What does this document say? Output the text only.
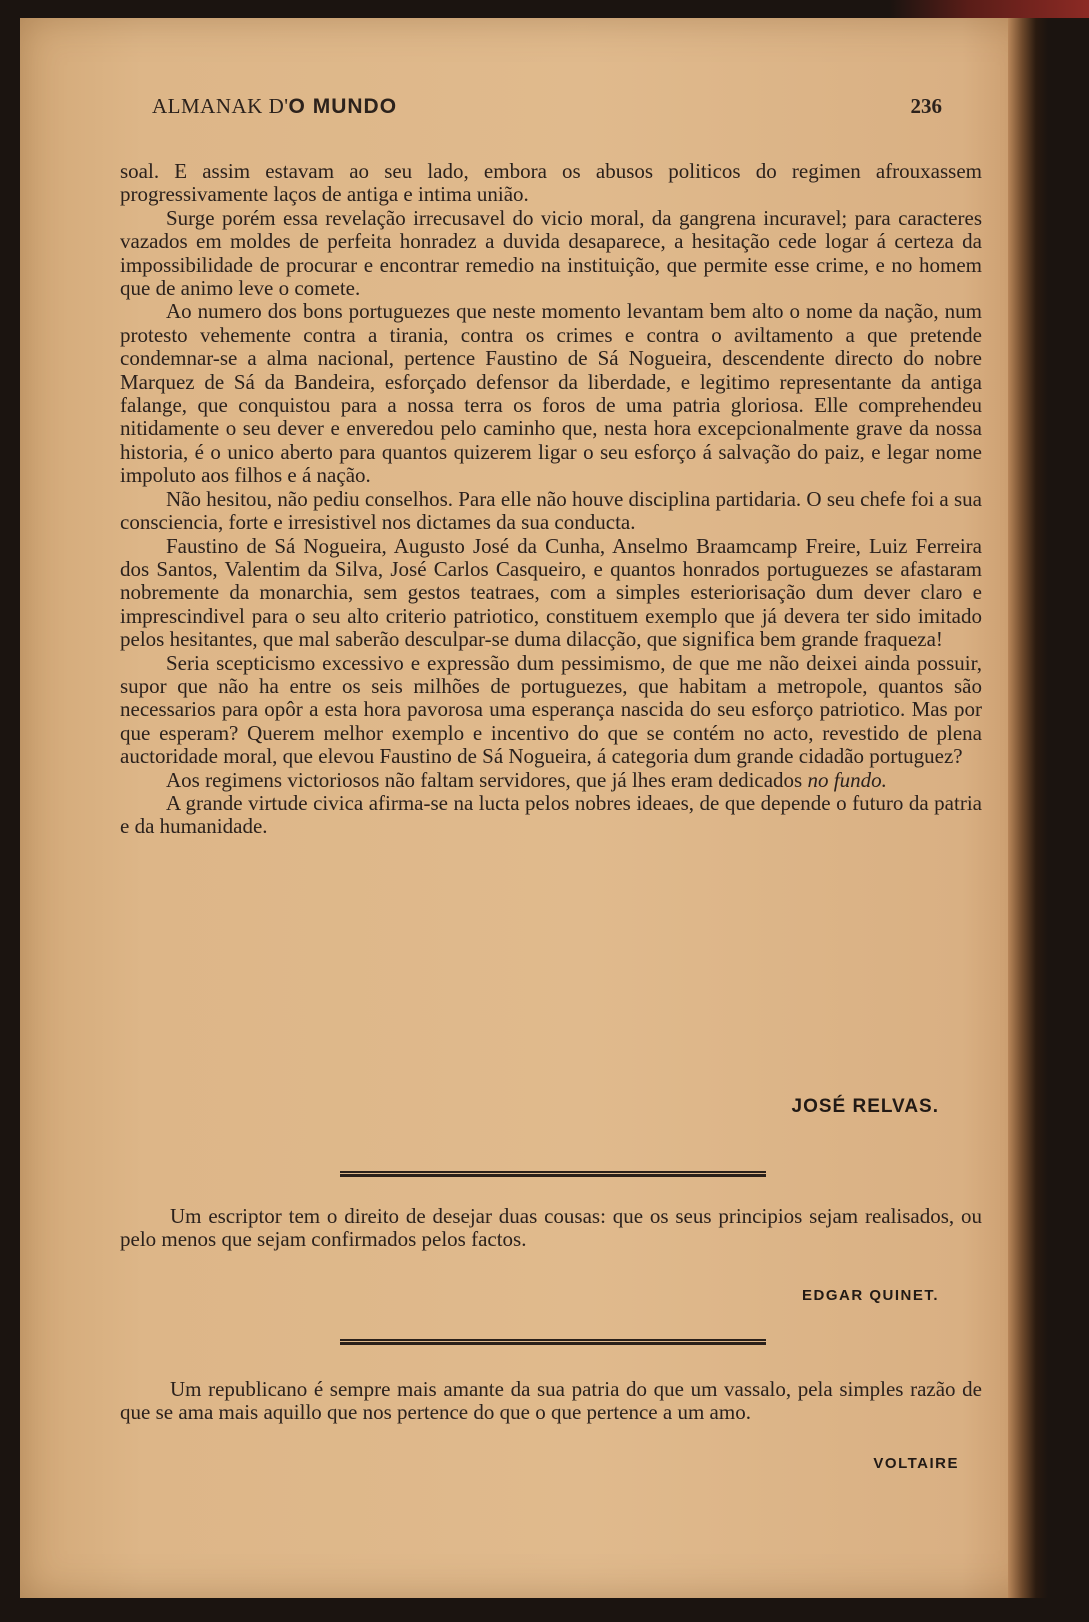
ALMANAK D'O MUNDO	236

soal. E assim estavam ao seu lado, embora os abusos politicos do regimen afrouxassem progressivamente laços de antiga e intima união.

Surge porém essa revelação irrecusavel do vicio moral, da gangrena incuravel; para caracteres vazados em moldes de perfeita honradez a duvida desaparece, a hesitação cede logar á certeza da impossibilidade de procurar e encontrar remedio na instituição, que permite esse crime, e no homem que de animo leve o comete.

Ao numero dos bons portuguezes que neste momento levantam bem alto o nome da nação, num protesto vehemente contra a tirania, contra os crimes e contra o aviltamento a que pretende condemnar-se a alma nacional, pertence Faustino de Sá Nogueira, descendente directo do nobre Marquez de Sá da Bandeira, esforçado defensor da liberdade, e legitimo representante da antiga falange, que conquistou para a nossa terra os foros de uma patria gloriosa. Elle comprehendeu nitidamente o seu dever e enveredou pelo caminho que, nesta hora excepcionalmente grave da nossa historia, é o unico aberto para quantos quizerem ligar o seu esforço á salvação do paiz, e legar nome impoluto aos filhos e á nação.

Não hesitou, não pediu conselhos. Para elle não houve disciplina partidaria. O seu chefe foi a sua consciencia, forte e irresistivel nos dictames da sua conducta.

Faustino de Sá Nogueira, Augusto José da Cunha, Anselmo Braamcamp Freire, Luiz Ferreira dos Santos, Valentim da Silva, José Carlos Casqueiro, e quantos honrados portuguezes se afastaram nobremente da monarchia, sem gestos teatraes, com a simples esteriorisação dum dever claro e imprescindivel para o seu alto criterio patriotico, constituem exemplo que já devera ter sido imitado pelos hesitantes, que mal saberão desculpar-se duma dilacção, que significa bem grande fraqueza!

Seria scepticismo excessivo e expressão dum pessimismo, de que me não deixei ainda possuir, supor que não ha entre os seis milhões de portuguezes, que habitam a metropole, quantos são necessarios para opôr a esta hora pavorosa uma esperança nascida do seu esforço patriotico. Mas por que esperam? Querem melhor exemplo e incentivo do que se contém no acto, revestido de plena auctoridade moral, que elevou Faustino de Sá Nogueira, á categoria dum grande cidadão portuguez?

Aos regimens victoriosos não faltam servidores, que já lhes eram dedicados no fundo.

A grande virtude civica afirma-se na lucta pelos nobres ideaes, de que depende o futuro da patria e da humanidade.

JOSÉ RELVAS.

Um escriptor tem o direito de desejar duas cousas: que os seus principios sejam realisados, ou pelo menos que sejam confirmados pelos factos.

EDGAR QUINET.

Um republicano é sempre mais amante da sua patria do que um vassalo, pela simples razão de que se ama mais aquillo que nos pertence do que o que pertence a um amo.

VOLTAIRE
